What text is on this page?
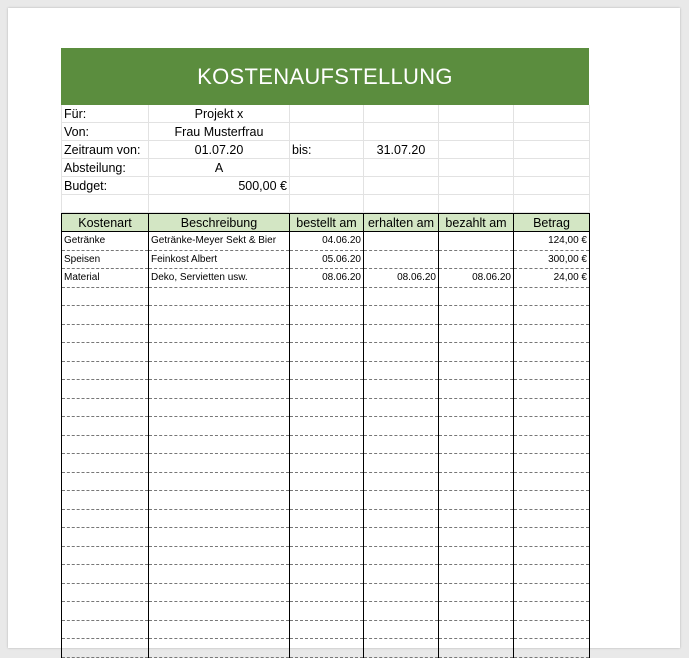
KOSTENAUFSTELLUNG
Für:	Projekt x				
Von:	Frau Musterfrau				
Zeitraum von:	01.07.20	bis:	31.07.20		
Absteilung:	A				
Budget:	500,00 €				

Kostenart	Beschreibung	bestellt am	erhalten am	bezahlt am	Betrag
Getränke	Getränke-Meyer Sekt & Bier	04.06.20			124,00 €
Speisen	Feinkost Albert	05.06.20			300,00 €
Material	Deko, Servietten usw.	08.06.20	08.06.20	08.06.20	24,00 €
